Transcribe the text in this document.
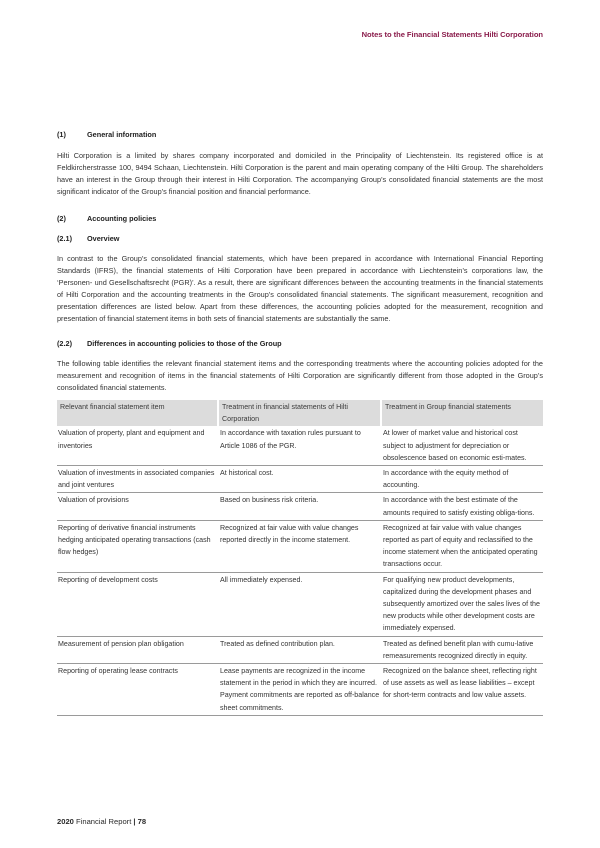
Notes to the Financial Statements Hilti Corporation
(1)	General information

Hilti Corporation is a limited by shares company incorporated and domiciled in the Principality of Liechtenstein. Its registered office is at Feldkircherstrasse 100, 9494 Schaan, Liechtenstein. Hilti Corporation is the parent and main operating company of the Hilti Group. The shareholders have an interest in the Group through their interest in Hilti Corporation. The accompanying Group’s consolidated financial statements are the most significant indicator of the Group’s financial position and financial performance.

(2)	Accounting policies
(2.1)	Overview

In contrast to the Group’s consolidated financial statements, which have been prepared in accordance with International Financial Reporting Standards (IFRS), the financial statements of Hilti Corporation have been prepared in accordance with Liechtenstein’s corporations law, the ‘Personen- und Gesellschaftsrecht (PGR)’. As a result, there are significant differences between the accounting treatments in the financial statements of Hilti Corporation and the accounting treatments in the Group’s consolidated financial statements. The significant measurement, recognition and presentation differences are listed below. Apart from these differences, the accounting policies adopted for the measurement, recognition and presentation of financial statement items in both sets of financial statements are substantially the same.

(2.2)	Differences in accounting policies to those of the Group

The following table identifies the relevant financial statement items and the corresponding treatments where the accounting policies adopted for the measurement and recognition of items in the financial statements of Hilti Corporation are significantly different from those adopted in the Group’s consolidated financial statements.

Relevant financial statement item	Treatment in financial statements of Hilti Corporation	Treatment in Group financial statements
Valuation of property, plant and equipment and inventories	In accordance with taxation rules pursuant to Article 1086 of the PGR.	At lower of market value and historical cost subject to adjustment for depreciation or obsolescence based on economic esti-mates.
Valuation of investments in associated companies and joint ventures	At historical cost.	In accordance with the equity method of accounting.
Valuation of provisions	Based on business risk criteria.	In accordance with the best estimate of the amounts required to satisfy existing obliga-tions.
Reporting of derivative financial instruments hedging anticipated operating transactions (cash flow hedges)	Recognized at fair value with value changes reported directly in the income statement.	Recognized at fair value with value changes reported as part of equity and reclassified to the income statement when the anticipated operating transactions occur.
Reporting of development costs	All immediately expensed.	For qualifying new product developments, capitalized during the development phases and subsequently amortized over the sales lives of the new products while other development costs are immediately expensed.
Measurement of pension plan obligation	Treated as defined contribution plan.	Treated as defined benefit plan with cumu-lative remeasurements recognized directly in equity.
Reporting of operating lease contracts	Lease payments are recognized in the income statement in the period in which they are incurred. Payment commitments are reported as off-balance sheet commitments.	Recognized on the balance sheet, reflecting right of use assets as well as lease liabilities – except for short-term contracts and low value assets.
2020 Financial Report | 78
